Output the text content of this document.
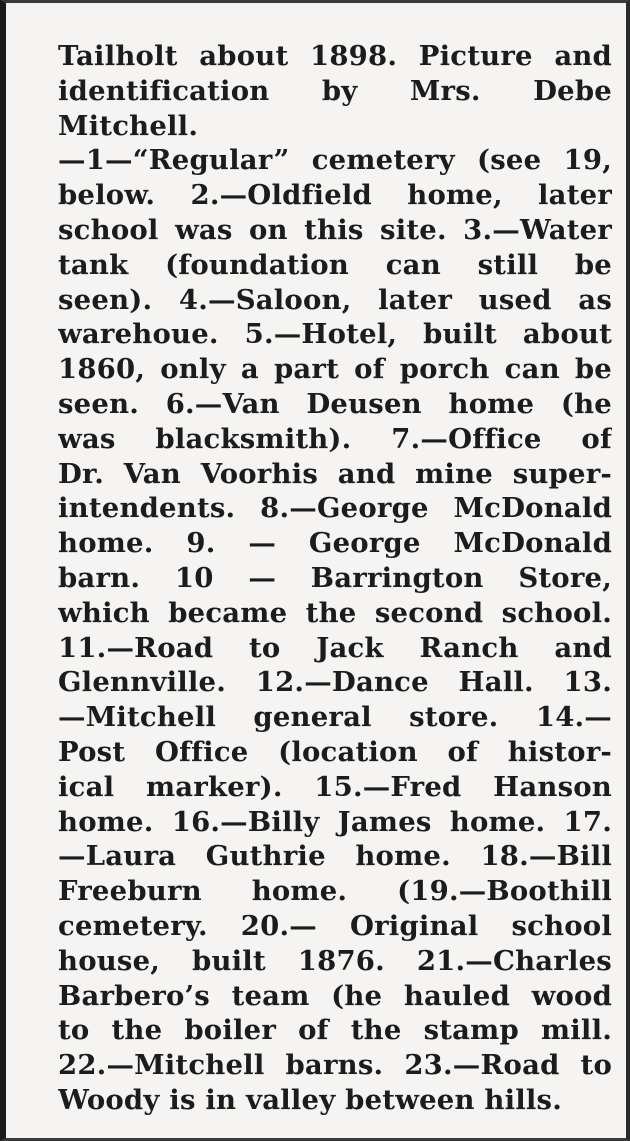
Tailholt about 1898. Picture and
identification by Mrs. Debe
Mitchell.
—1—“Regular” cemetery (see 19,
below. 2.—Oldfield home, later
school was on this site. 3.—Water
tank (foundation can still be
seen). 4.—Saloon, later used as
warehoue. 5.—Hotel, built about
1860, only a part of porch can be
seen. 6.—Van Deusen home (he
was blacksmith). 7.—Office of
Dr. Van Voorhis and mine super-
intendents. 8.—George McDonald
home. 9. — George McDonald
barn. 10 — Barrington Store,
which became the second school.
11.—Road to Jack Ranch and
Glennville. 12.—Dance Hall. 13.
—Mitchell general store. 14.—
Post Office (location of histor-
ical marker). 15.—Fred Hanson
home. 16.—Billy James home. 17.
—Laura Guthrie home. 18.—Bill
Freeburn home. (19.—Boothill
cemetery. 20.— Original school
house, built 1876. 21.—Charles
Barbero’s team (he hauled wood
to the boiler of the stamp mill.
22.—Mitchell barns. 23.—Road to
Woody is in valley between hills.
